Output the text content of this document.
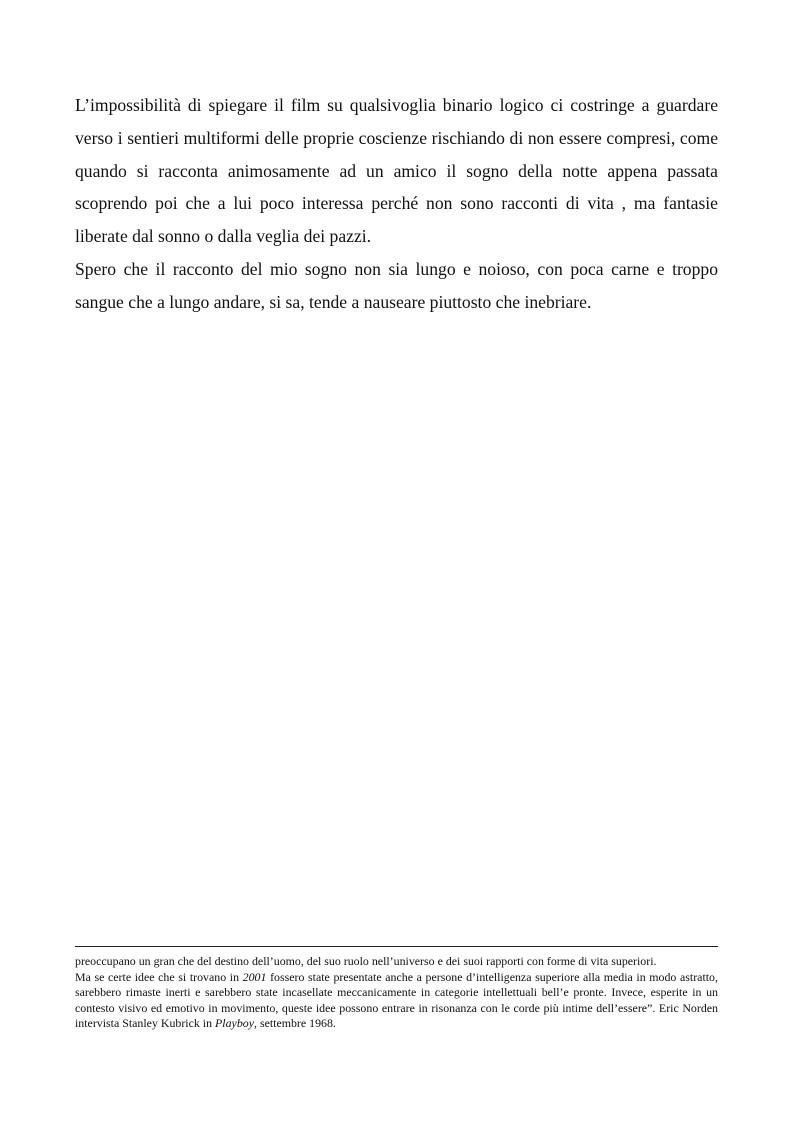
L’impossibilità di spiegare il film su qualsivoglia binario logico ci costringe a guardare verso i sentieri multiformi delle proprie coscienze rischiando di non essere compresi, come quando si racconta animosamente ad un amico il sogno della notte appena passata scoprendo poi che a lui poco interessa perché non sono racconti di vita , ma fantasie liberate dal sonno o dalla veglia dei pazzi.

Spero che il racconto del mio sogno non sia lungo e noioso, con poca carne e troppo sangue che a lungo andare, si sa, tende a nauseare piuttosto che inebriare.

preoccupano un gran che del destino dell’uomo, del suo ruolo nell’universo e dei suoi rapporti con forme di vita superiori.

Ma se certe idee che si trovano in 2001 fossero state presentate anche a persone d’intelligenza superiore alla media in modo astratto, sarebbero rimaste inerti e sarebbero state incasellate meccanicamente in categorie intellettuali bell’e pronte. Invece, esperite in un contesto visivo ed emotivo in movimento, queste idee possono entrare in risonanza con le corde più intime dell’essere”. Eric Norden intervista Stanley Kubrick in Playboy, settembre 1968.
